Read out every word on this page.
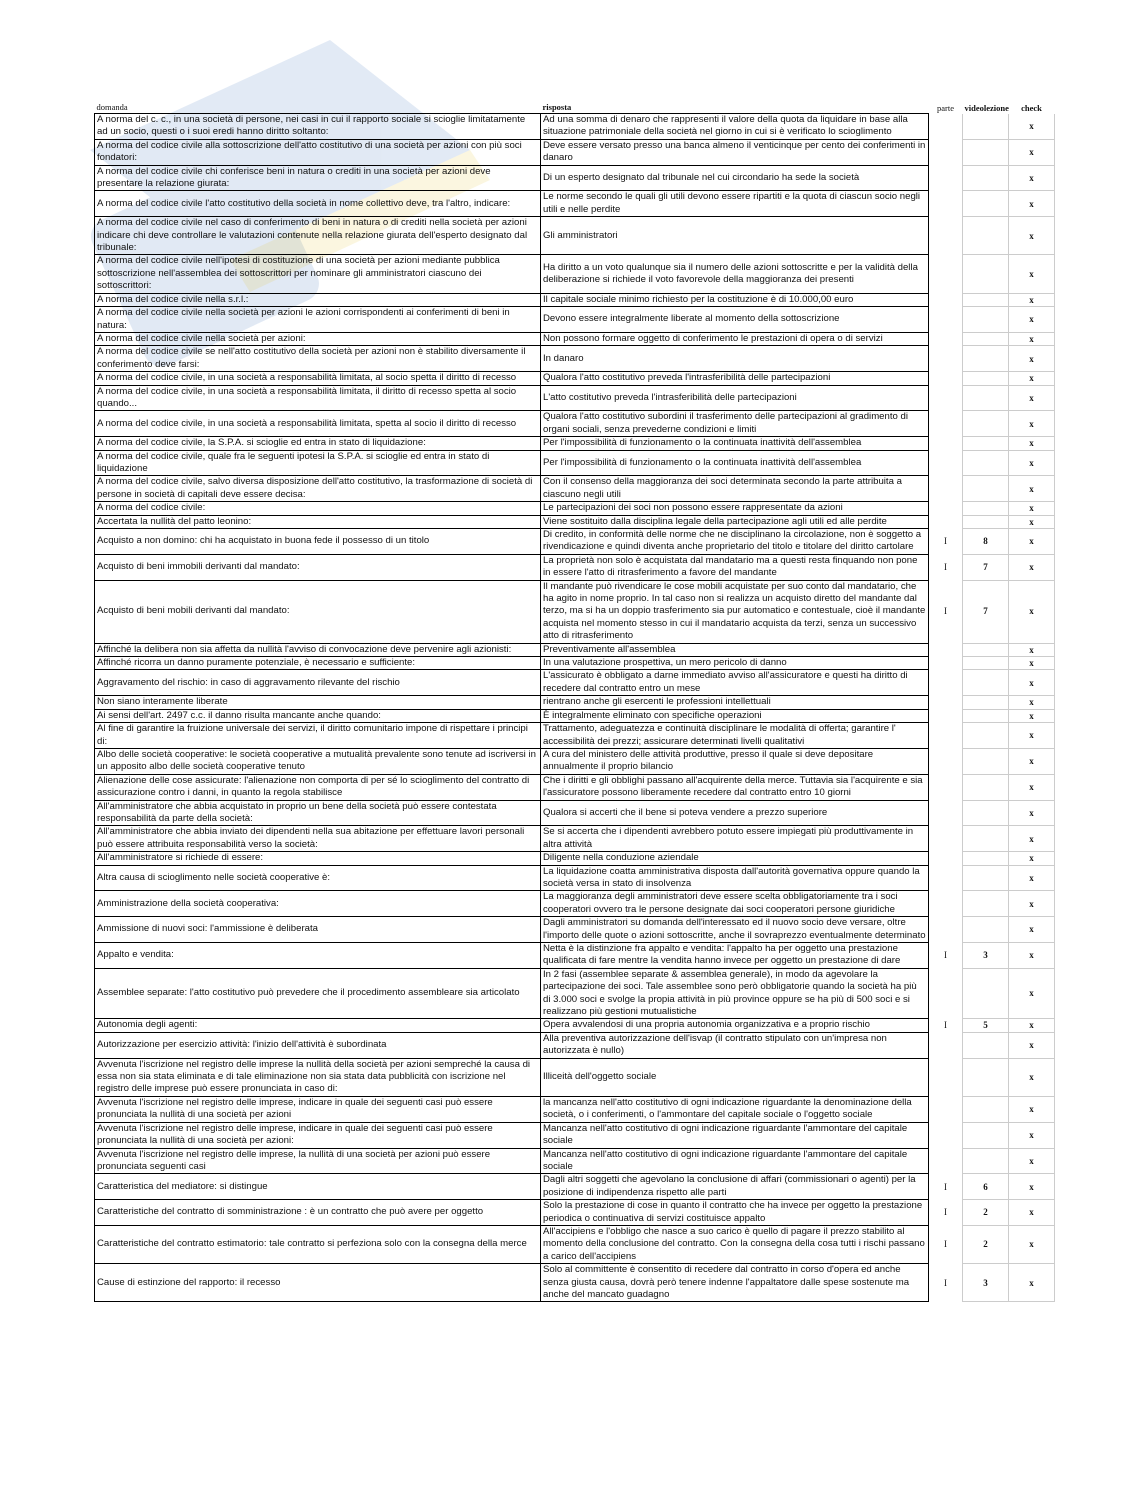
domanda	risposta	parte	videolezione	check
A norma del c. c., in una società di persone, nei casi in cui il rapporto sociale si scioglie limitatamente ad un socio, questi o i suoi eredi hanno diritto soltanto:	Ad una somma di denaro che rappresenti il valore della quota da liquidare in base alla situazione patrimoniale della società nel giorno in cui si è verificato lo scioglimento			x
A norma del codice civile alla sottoscrizione dell'atto costitutivo di una società per azioni con più soci fondatori:	Deve essere versato presso una banca almeno il venticinque per cento dei conferimenti in danaro			x
A norma del codice civile chi conferisce beni in natura o crediti in una società per azioni deve presentare la relazione giurata:	Di un esperto designato dal tribunale nel cui circondario ha sede la società			x
A norma del codice civile l'atto costitutivo della società in nome collettivo deve, tra l'altro, indicare:	Le norme secondo le quali gli utili devono essere ripartiti e la quota di ciascun socio negli utili e nelle perdite			x
A norma del codice civile nel caso di conferimento di beni in natura o di crediti nella società per azioni indicare chi deve controllare le valutazioni contenute nella relazione giurata dell'esperto designato dal tribunale:	Gli amministratori			x
A norma del codice civile nell'ipotesi di costituzione di una società per azioni mediante pubblica sottoscrizione nell'assemblea dei sottoscrittori per nominare gli amministratori ciascuno dei sottoscrittori:	Ha diritto a un voto qualunque sia il numero delle azioni sottoscritte e per la validità della deliberazione si richiede il voto favorevole della maggioranza dei presenti			x
A norma del codice civile nella s.r.l.:	Il capitale sociale minimo richiesto per la costituzione è di 10.000,00 euro			x
A norma del codice civile nella società per azioni le azioni corrispondenti ai conferimenti di beni in natura:	Devono essere integralmente liberate al momento della sottoscrizione			x
A norma del codice civile nella società per azioni:	Non possono formare oggetto di conferimento le prestazioni di opera o di servizi			x
A norma del codice civile se nell'atto costitutivo della società per azioni non è stabilito diversamente il conferimento deve farsi:	In danaro			x
A norma del codice civile, in una società a responsabilità limitata, al socio spetta il diritto di recesso	Qualora l'atto costitutivo preveda l'intrasferibilità delle partecipazioni			x
A norma del codice civile, in una società a responsabilità limitata, il diritto di recesso spetta al socio quando...	L'atto costitutivo preveda l'intrasferibilità delle partecipazioni			x
A norma del codice civile, in una società a responsabilità limitata, spetta al socio il diritto di recesso	Qualora l'atto costitutivo subordini il trasferimento delle partecipazioni al gradimento di organi sociali, senza prevederne condizioni e limiti			x
A norma del codice civile, la S.P.A. si scioglie ed entra in stato di liquidazione:	Per l'impossibilità di funzionamento o la continuata inattività dell'assemblea			x
A norma del codice civile, quale fra le seguenti ipotesi la S.P.A. si scioglie ed entra in stato di liquidazione	Per l'impossibilità di funzionamento o la continuata inattività dell'assemblea			x
A norma del codice civile, salvo diversa disposizione dell'atto costitutivo, la trasformazione di società di persone in società di capitali deve essere decisa:	Con il consenso della maggioranza dei soci determinata secondo la parte attribuita a ciascuno negli utili			x
A norma del codice civile:	Le partecipazioni dei soci non possono essere rappresentate da azioni			x
Accertata la nullità del patto leonino:	Viene sostituito dalla disciplina legale della partecipazione agli utili ed alle perdite			x
Acquisto a non domino: chi ha acquistato in buona fede il possesso di un titolo	Di credito, in conformità delle norme che ne disciplinano la circolazione, non è soggetto a rivendicazione e quindi diventa anche proprietario del titolo e titolare del diritto cartolare	I	8	x
Acquisto di beni immobili derivanti dal mandato:	La proprietà non solo è acquistata dal mandatario ma a questi resta finquando non pone in essere l'atto di ritrasferimento a favore del mandante	I	7	x
Acquisto di beni mobili derivanti dal mandato:	Il mandante può rivendicare le cose mobili acquistate per suo conto dal mandatario, che ha agito in nome proprio. In tal caso non si realizza un acquisto diretto del mandante dal terzo, ma si ha un doppio trasferimento sia pur automatico e contestuale, cioè il mandante acquista nel momento stesso in cui il mandatario acquista da terzi, senza un successivo atto di ritrasferimento	I	7	x
Affinché la delibera non sia affetta da nullità l'avviso di convocazione deve pervenire agli azionisti:	Preventivamente all'assemblea			x
Affinché ricorra un danno puramente potenziale, è necessario e sufficiente:	In una valutazione prospettiva, un mero pericolo di danno			x
Aggravamento del rischio: in caso di aggravamento rilevante del rischio	L'assicurato è obbligato a darne immediato avviso all'assicuratore e questi ha diritto di recedere dal contratto entro un mese			x
Non siano interamente liberate	rientrano anche gli esercenti le professioni intellettuali			x
Ai sensi dell'art. 2497 c.c. il danno risulta mancante anche quando:	È integralmente eliminato con specifiche operazioni			x
Al fine di garantire la fruizione universale dei servizi, il diritto comunitario impone di rispettare i principi di:	Trattamento, adeguatezza e continuità disciplinare le modalità di offerta; garantire l' accessibilità dei prezzi; assicurare determinati livelli qualitativi			x
Albo delle società cooperative: le società cooperative a mutualità prevalente sono tenute ad iscriversi in un apposito albo delle società cooperative tenuto	A cura del ministero delle attività produttive, presso il quale si deve depositare annualmente il proprio bilancio			x
Alienazione delle cose assicurate: l'alienazione non comporta di per sé lo scioglimento del contratto di assicurazione contro i danni, in quanto la regola stabilisce	Che i diritti e gli obblighi passano all'acquirente della merce. Tuttavia sia l'acquirente e sia l'assicuratore possono liberamente recedere dal contratto entro 10 giorni			x
All'amministratore che abbia acquistato in proprio un bene della società può essere contestata responsabilità da parte della società:	Qualora si accerti che il bene si poteva vendere a prezzo superiore			x
All'amministratore che abbia inviato dei dipendenti nella sua abitazione per effettuare lavori personali può essere attribuita responsabilità verso la società:	Se si accerta che i dipendenti avrebbero potuto essere impiegati più produttivamente in altra attività			x
All'amministratore si richiede di essere:	Diligente nella conduzione aziendale			x
Altra causa di scioglimento nelle società cooperative è:	La liquidazione coatta amministrativa disposta dall'autorità governativa oppure quando la società versa in stato di insolvenza			x
Amministrazione della società cooperativa:	La maggioranza degli amministratori deve essere scelta obbligatoriamente tra i soci cooperatori ovvero tra le persone designate dai soci cooperatori persone giuridiche			x
Ammissione di nuovi soci: l'ammissione è deliberata	Dagli amministratori su domanda dell'interessato ed il nuovo socio deve versare, oltre l'importo delle quote o azioni sottoscritte, anche il sovraprezzo eventualmente determinato			x
Appalto e vendita:	Netta è la distinzione fra appalto e vendita: l'appalto ha per oggetto una prestazione qualificata di fare mentre la vendita hanno invece per oggetto un prestazione di dare	I	3	x
Assemblee separate: l'atto costitutivo può prevedere che il procedimento assembleare sia articolato	In 2 fasi (assemblee separate & assemblea generale), in modo da agevolare la partecipazione dei soci. Tale assemblee sono però obbligatorie quando la società ha più di 3.000 soci e svolge la propia attività in più province oppure se ha più di 500 soci e si realizzano più gestioni mutualistiche			x
Autonomia degli agenti:	Opera avvalendosi di una propria autonomia organizzativa e a proprio rischio	I	5	x
Autorizzazione per esercizio attività: l'inizio dell'attività è subordinata	Alla preventiva autorizzazione dell'isvap (il contratto stipulato con un'impresa non autorizzata è nullo)			x
Avvenuta l'iscrizione nel registro delle imprese la nullità della società per azioni sempreché la causa di essa non sia stata eliminata e di tale eliminazione non sia stata data pubblicità con iscrizione nel registro delle imprese può essere pronunciata in caso di:	Illiceità dell'oggetto sociale			x
Avvenuta l'iscrizione nel registro delle imprese, indicare in quale dei seguenti casi può essere pronunciata la nullità di una società per azioni	la mancanza nell'atto costitutivo di ogni indicazione riguardante la denominazione della società, o i conferimenti, o l'ammontare del capitale sociale o l'oggetto sociale			x
Avvenuta l'iscrizione nel registro delle imprese, indicare in quale dei seguenti casi può essere pronunciata la nullità di una società per azioni:	Mancanza nell'atto costitutivo di ogni indicazione riguardante l'ammontare del capitale sociale			x
Avvenuta l'iscrizione nel registro delle imprese, la nullità di una società per azioni può essere pronunciata seguenti casi	Mancanza nell'atto costitutivo di ogni indicazione riguardante l'ammontare del capitale sociale			x
Caratteristica del mediatore: si distingue	Dagli altri soggetti che agevolano la conclusione di affari (commissionari o agenti) per la posizione di indipendenza rispetto alle parti	I	6	x
Caratteristiche del contratto di somministrazione : è un contratto che può avere per oggetto	Solo la prestazione di cose in quanto il contratto che ha invece per oggetto la prestazione periodica o continuativa di servizi costituisce appalto	I	2	x
Caratteristiche del contratto estimatorio: tale contratto si perfeziona solo con la consegna della merce	All'accipiens e l'obbligo che nasce a suo carico è quello di pagare il prezzo stabilito al momento della conclusione del contratto. Con la consegna della cosa tutti i rischi passano a carico dell'accipiens	I	2	x
Cause di estinzione del rapporto: il recesso	Solo al committente è consentito di recedere dal contratto in corso d'opera ed anche senza giusta causa, dovrà però tenere indenne l'appaltatore dalle spese sostenute ma anche del mancato guadagno	I	3	x
